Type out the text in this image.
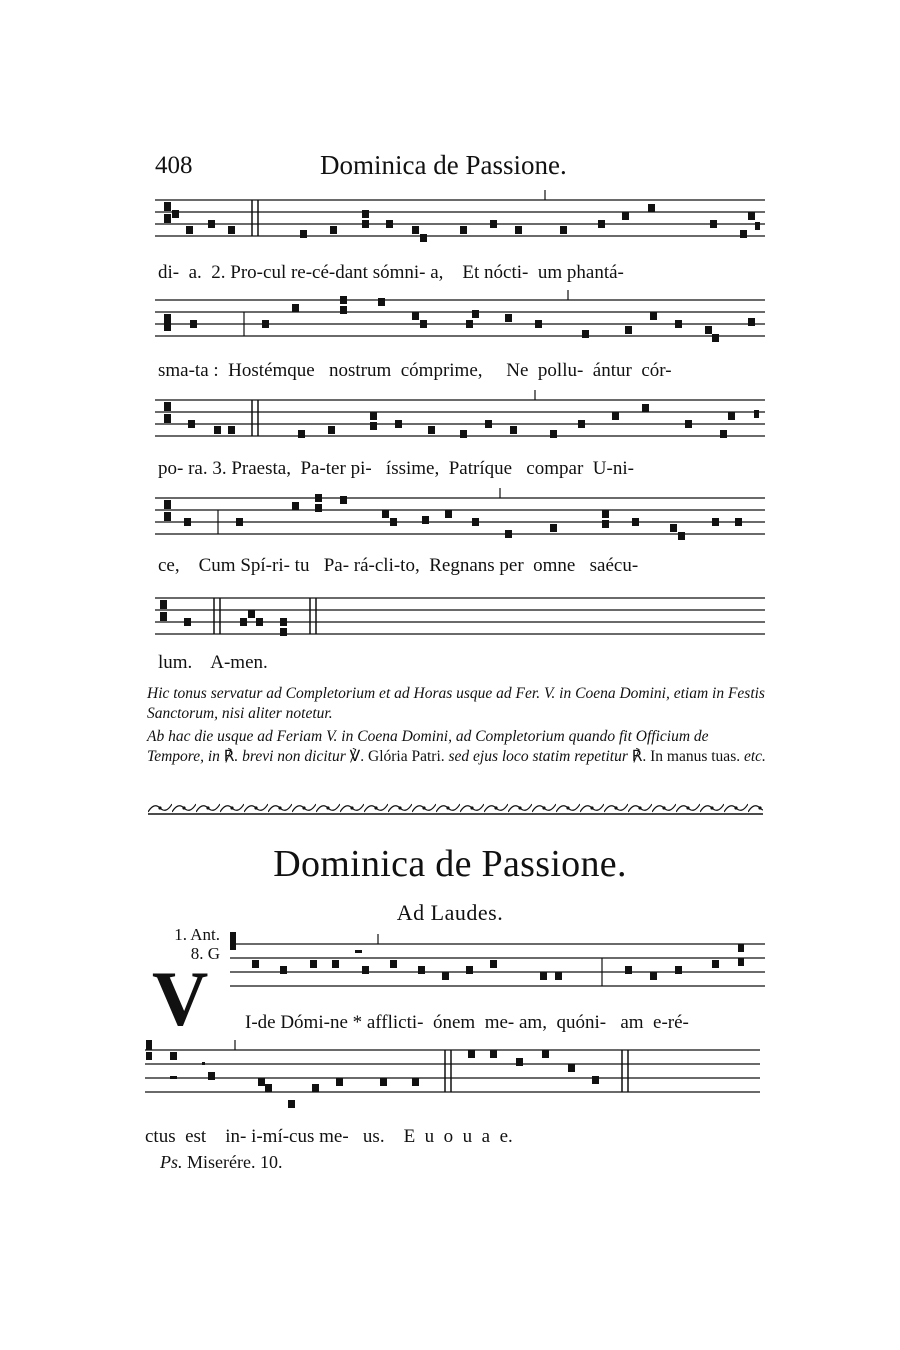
408	Dominica de Passione.
di-  a.  2. Pro-cul re-cé-dant sómni- a,    Et nócti-  um phantá-
sma-ta :  Hostémque   nostrum  cómprime,     Ne  pollu-  ántur  cór-
po- ra. 3. Praesta,  Pa-ter pi-   íssime,  Patríque   compar  U-ni-
ce,    Cum Spí-ri- tu   Pa- rá-cli-to,  Regnans per  omne   saécu-
lum.    A-men.
Hic tonus servatur ad Completorium et ad Horas usque ad Fer. V. in Coena Domini, etiam in Festis Sanctorum, nisi aliter notetur.
Ab hac die usque ad Feriam V. in Coena Domini, ad Completorium quando fit Officium de Tempore, in ℟. brevi non dicitur ℣. Glória Patri. sed ejus loco statim repetitur ℟. In manus tuas. etc.
Dominica de Passione.
Ad Laudes.
1. Ant.
8. G
V I-de Dómi-ne * afflicti-  ónem  me- am,  quóni-   am  e-ré-
ctus  est    in- i-mí-cus me-   us.    E  u  o  u  a  e.
Ps. Miserére. 10.
